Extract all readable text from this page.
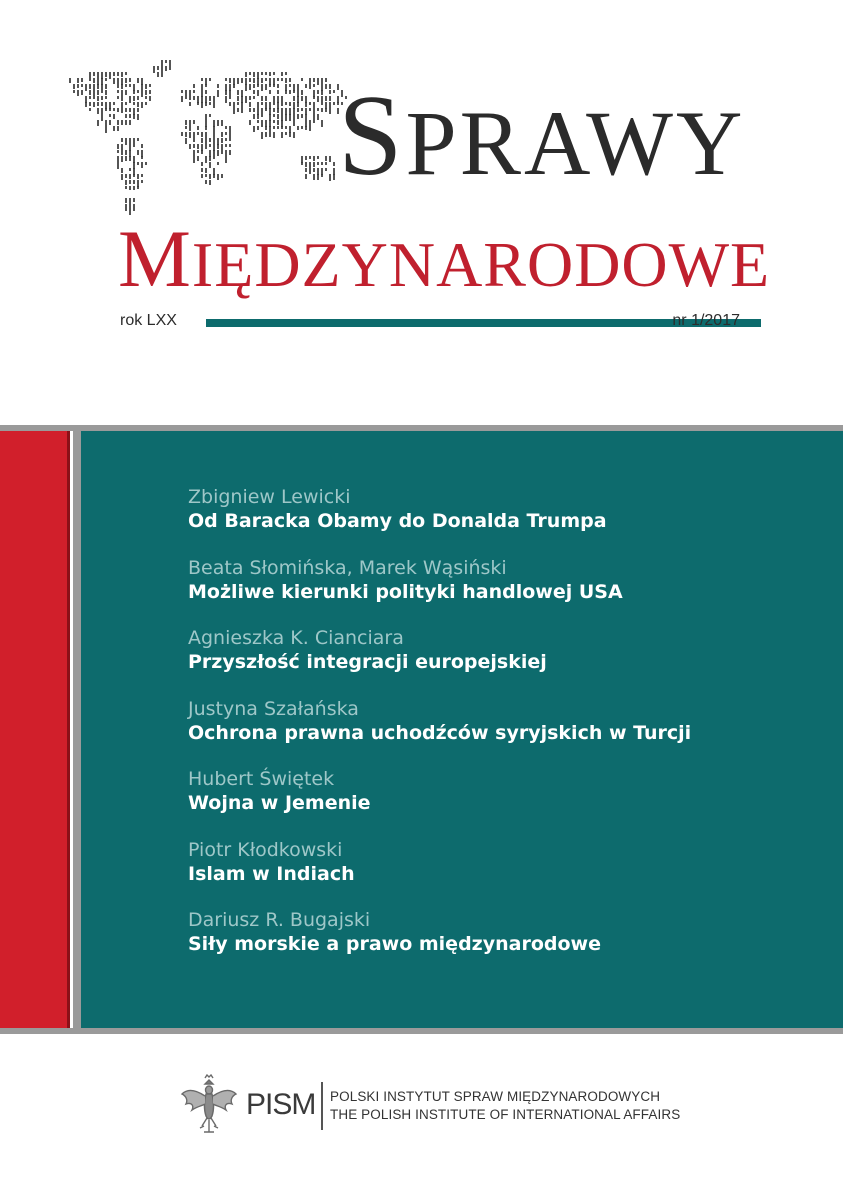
SPRAWY
MIĘDZYNARODOWE
rok LXX	nr 1/2017
Zbigniew Lewicki
Od Baracka Obamy do Donalda Trumpa
Beata Słomińska, Marek Wąsiński
Możliwe kierunki polityki handlowej USA
Agnieszka K. Cianciara
Przyszłość integracji europejskiej
Justyna Szałańska
Ochrona prawna uchodźców syryjskich w Turcji
Hubert Świętek
Wojna w Jemenie
Piotr Kłodkowski
Islam w Indiach
Dariusz R. Bugajski
Siły morskie a prawo międzynarodowe
PISM POLSKI INSTYTUT SPRAW MIĘDZYNARODOWYCH
THE POLISH INSTITUTE OF INTERNATIONAL AFFAIRS
